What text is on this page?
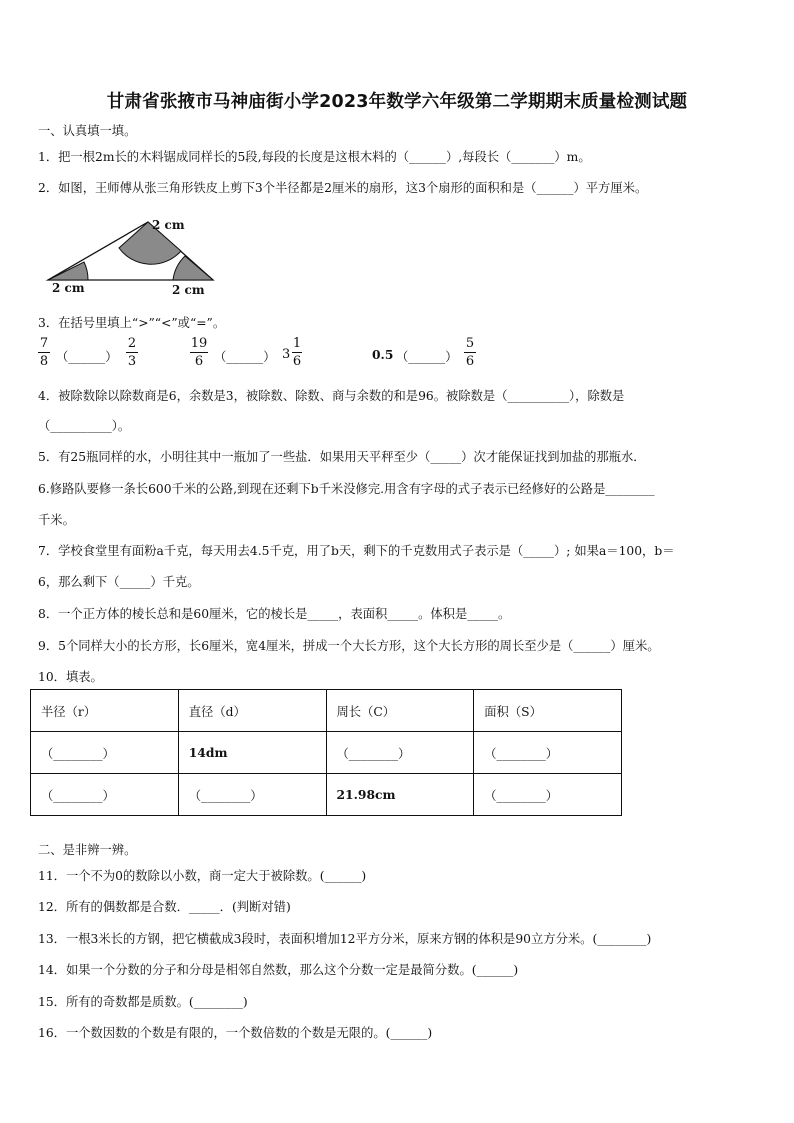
甘肃省张掖市马神庙街小学2023年数学六年级第二学期期末质量检测试题
一、认真填一填。
1．把一根2m长的木料锯成同样长的5段,每段的长度是这根木料的（______）,每段长（_______）m。
2．如图，王师傅从张三角形铁皮上剪下3个半径都是2厘米的扇形，这3个扇形的面积和是（______）平方厘米。
2 cm
2 cm	2 cm
3．在括号里填上“>”“<”或“=”。
$\frac{7}{8}$ （______） $\frac{2}{3}$	$\frac{19}{6}$ （______） $3 \frac{1}{6}$	0.5 （______） $\frac{5}{6}$
4．被除数除以除数商是6，余数是3，被除数、除数、商与余数的和是96。被除数是（__________），除数是
（__________）。
5．有25瓶同样的水，小明往其中一瓶加了一些盐．如果用天平秤至少（_____）次才能保证找到加盐的那瓶水．
6.修路队要修一条长600千米的公路,到现在还剩下b千米没修完.用含有字母的式子表示已经修好的公路是________
千米。
7．学校食堂里有面粉a千克，每天用去4.5千克，用了b天，剩下的千克数用式子表示是（_____）; 如果a＝100，b＝
6，那么剩下（_____）千克。
8．一个正方体的棱长总和是60厘米，它的棱长是_____，表面积_____。体积是_____。
9．5个同样大小的长方形，长6厘米，宽4厘米，拼成一个大长方形，这个大长方形的周长至少是（______）厘米。
10．填表。
半径（r）	直径（d）	周长（C）	面积（S）
（________）	14dm	（________）	（________）
（________）	（________）	21.98cm	（________）
二、是非辨一辨。
11．一个不为0的数除以小数，商一定大于被除数。(______)
12．所有的偶数都是合数．_____．(判断对错)
13．一根3米长的方钢，把它横截成3段时，表面积增加12平方分米，原来方钢的体积是90立方分米。(________)
14．如果一个分数的分子和分母是相邻自然数，那么这个分数一定是最简分数。(______)
15．所有的奇数都是质数。(________)
16．一个数因数的个数是有限的，一个数倍数的个数是无限的。(______)
